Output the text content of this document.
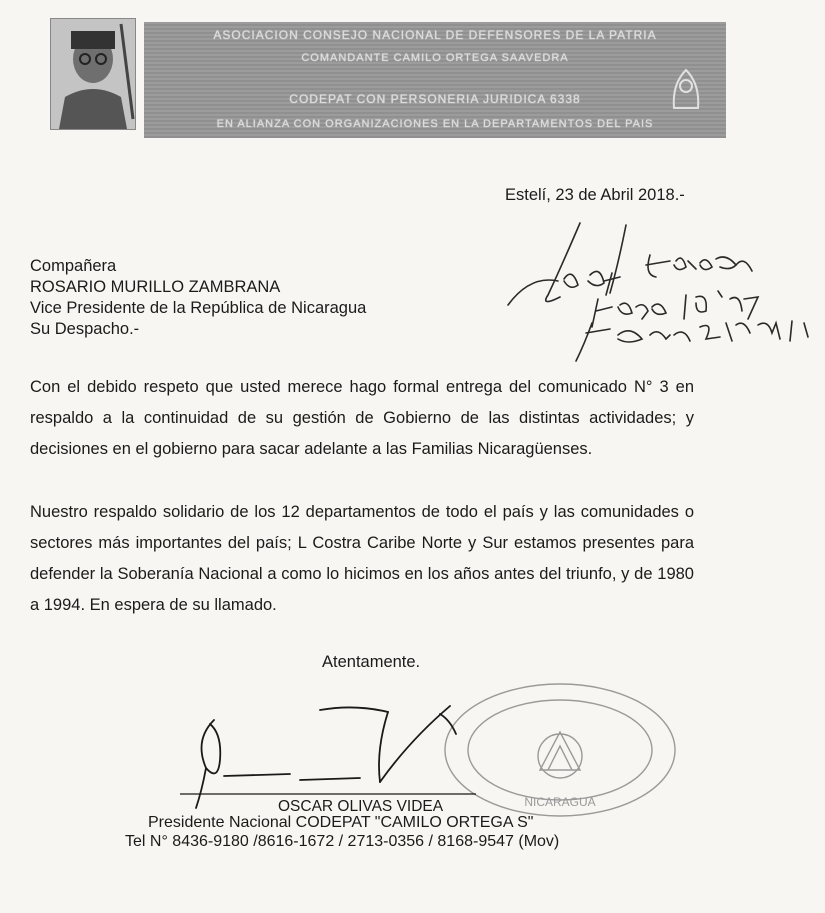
ASOCIACION CONSEJO NACIONAL DE DEFENSORES DE LA PATRIA
COMANDANTE CAMILO ORTEGA SAAVEDRA
CODEPAT CON PERSONERIA JURIDICA 6338
EN ALIANZA CON ORGANIZACIONES EN LA DEPARTAMENTOS DEL PAIS
Estelí, 23 de Abril 2018.-
Compañera
ROSARIO MURILLO ZAMBRANA
Vice Presidente de la República de Nicaragua
Su Despacho.-
Con el debido respeto que usted merece hago formal entrega del comunicado N° 3 en respaldo a la continuidad de su gestión de Gobierno de las distintas actividades; y decisiones en el gobierno para sacar adelante a las Familias Nicaragüenses.
Nuestro respaldo solidario de los 12 departamentos de todo el país y las comunidades o sectores más importantes del país; L Costra Caribe Norte y Sur estamos presentes para defender la Soberanía Nacional a como lo hicimos en los años antes del triunfo, y de 1980 a 1994. En espera de su llamado.
Atentamente.
NICARAGUA
OSCAR OLIVAS VIDEA
Presidente Nacional CODEPAT "CAMILO ORTEGA S"
Tel N° 8436-9180 /8616-1672 / 2713-0356 / 8168-9547 (Mov)
